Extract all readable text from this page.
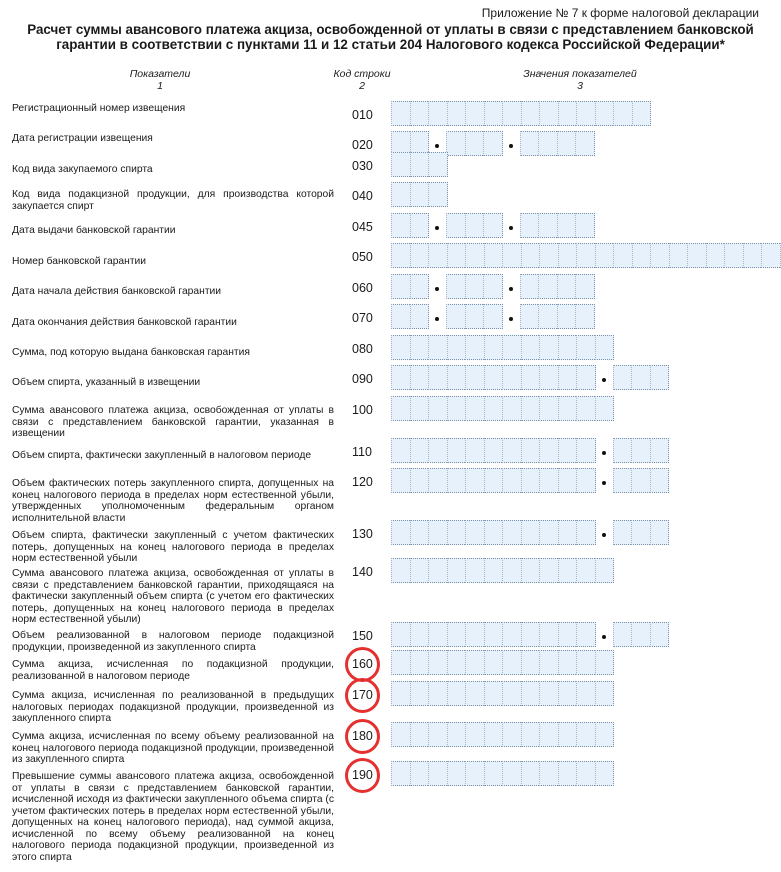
Приложение № 7 к форме налоговой декларации
Расчет суммы авансового платежа акциза, освобожденной от уплаты в связи с представлением банковской гарантии в соответствии с пунктами 11 и 12 статьи 204 Налогового кодекса Российской Федерации*
Показатели
1
Код строки
2
Значения показателей
3
Регистрационный номер извещения	010
Дата регистрации извещения	020
Код вида закупаемого спирта	030
Код вида подакцизной продукции, для производства которой закупается спирт
040
Дата выдачи банковской гарантии	045
Номер банковской гарантии	050
Дата начала действия банковской гарантии	060
Дата окончания действия банковской гарантии	070
Сумма, под которую выдана банковская гарантия	080
Объем спирта, указанный в извещении	090
Сумма авансового платежа акциза, освобожденная от уплаты в связи с представлением банковской гарантии, указанная в извещении
100
Объем спирта, фактически закупленный в налоговом периоде	110
Объем фактических потерь закупленного спирта, допущенных на конец налогового периода в пределах норм естественной убыли, утвержденных уполномоченным федеральным органом исполнительной власти
120
Объем спирта, фактически закупленный с учетом фактических потерь, допущенных на конец налогового периода в пределах норм естественной убыли
130
Сумма авансового платежа акциза, освобожденная от уплаты в связи с представлением банковской гарантии, приходящаяся на фактически закупленный объем спирта (с учетом его фактических потерь, допущенных на конец налогового периода в пределах норм естественной убыли)
140
Объем реализованной в налоговом периоде подакцизной продукции, произведенной из закупленного спирта
150
Сумма акциза, исчисленная по подакцизной продукции, реализованной в налоговом периоде
160
Сумма акциза, исчисленная по реализованной в предыдущих налоговых периодах подакцизной продукции, произведенной из закупленного спирта
170
Сумма акциза, исчисленная по всему объему реализованной на конец налогового периода подакцизной продукции, произведенной из закупленного спирта
180
Превышение суммы авансового платежа акциза, освобожденной от уплаты в связи с представлением банковской гарантии, исчисленной исходя из фактически закупленного объема спирта (с учетом фактических потерь в пределах норм естественной убыли, допущенных на конец налогового периода), над суммой акциза, исчисленной по всему объему реализованной на конец налогового периода подакцизной продукции, произведенной из этого спирта
190
